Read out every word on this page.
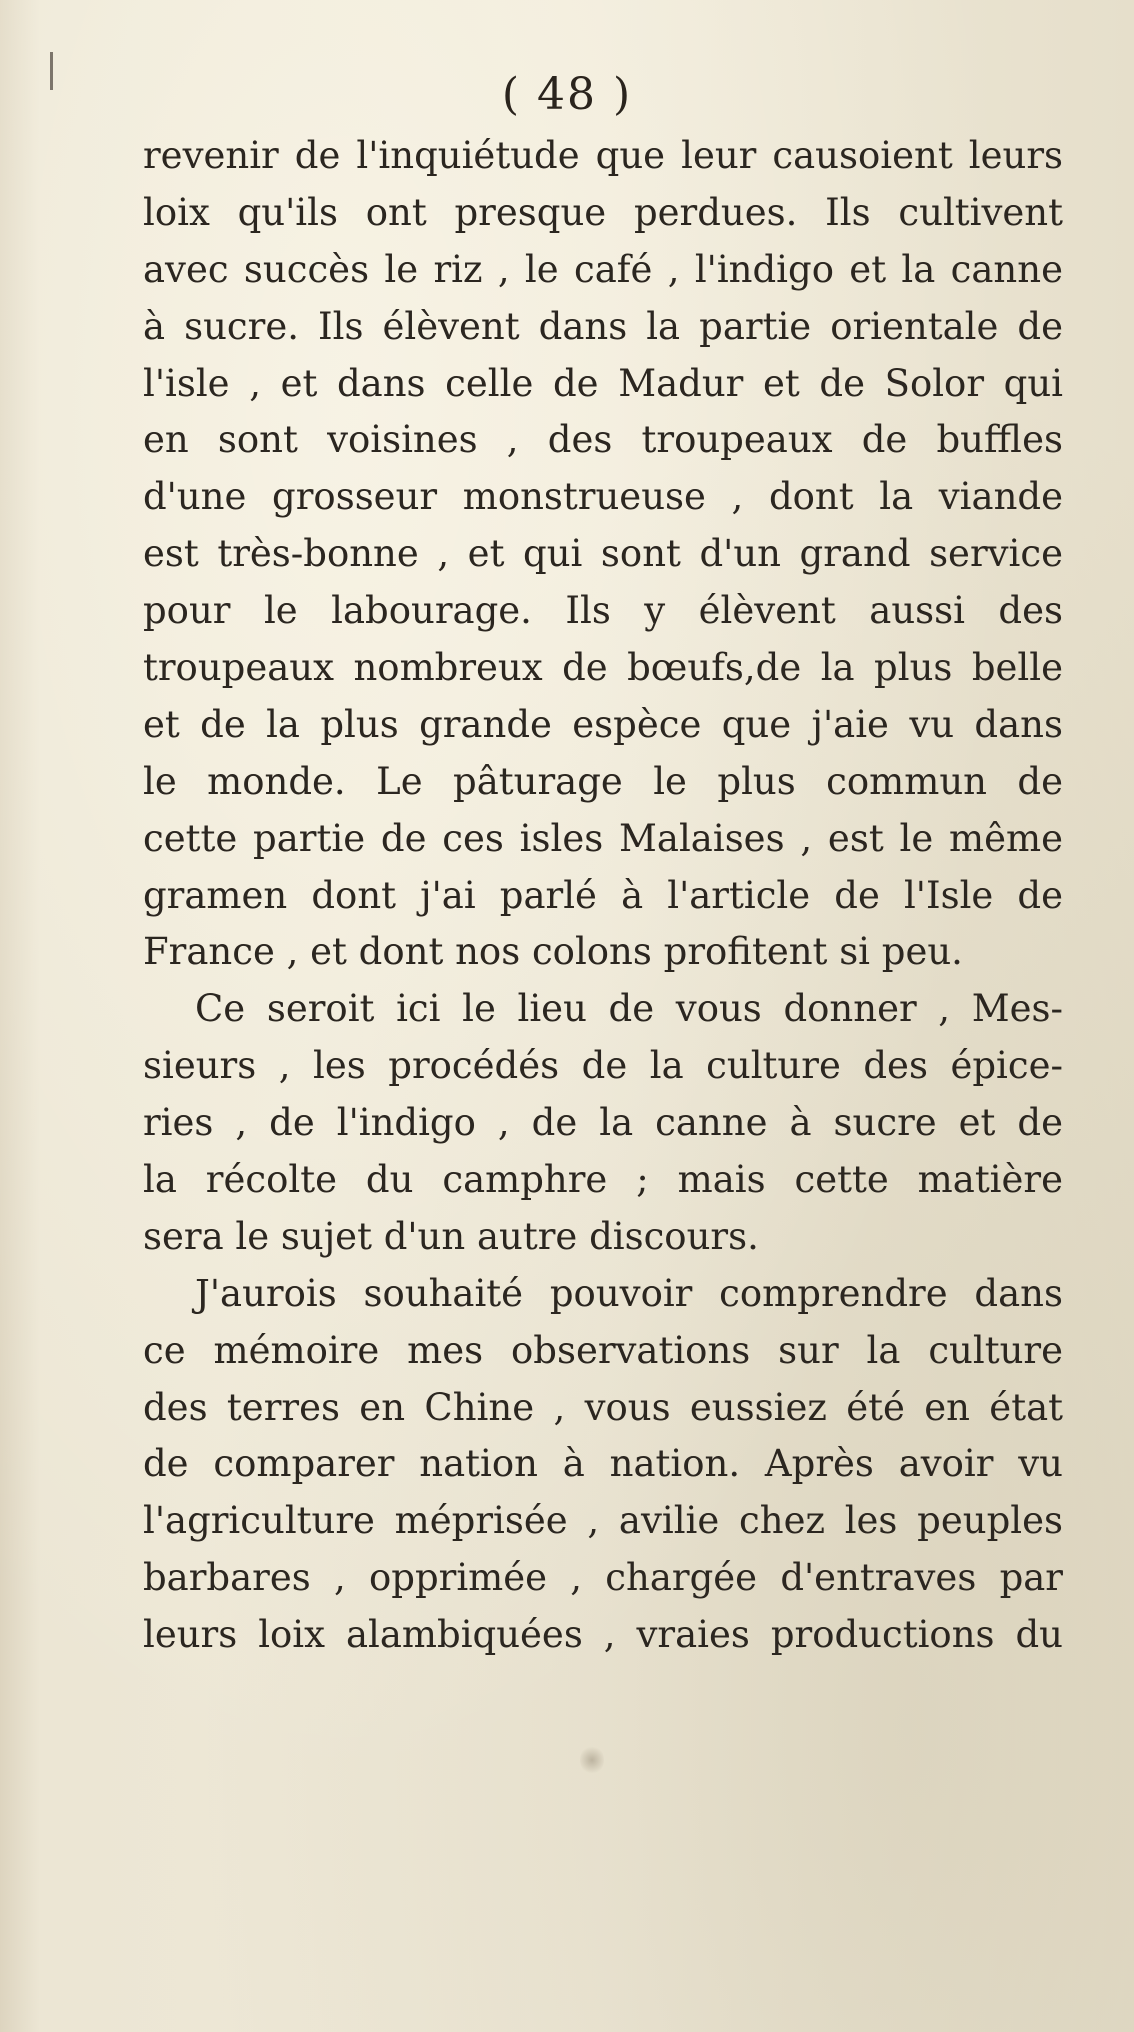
( 48 )
revenir de l'inquiétude que leur causoient leurs
loix qu'ils ont presque perdues. Ils cultivent
avec succès le riz , le café , l'indigo et la canne
à sucre. Ils élèvent dans la partie orientale de
l'isle , et dans celle de Madur et de Solor qui
en sont voisines , des troupeaux de buffles
d'une grosseur monstrueuse , dont la viande
est très-bonne , et qui sont d'un grand service
pour le labourage. Ils y élèvent aussi des
troupeaux nombreux de bœufs,de la plus belle
et de la plus grande espèce que j'aie vu dans
le monde. Le pâturage le plus commun de
cette partie de ces isles Malaises , est le même
gramen dont j'ai parlé à l'article de l'Isle de
France , et dont nos colons profitent si peu.
Ce seroit ici le lieu de vous donner , Mes-
sieurs , les procédés de la culture des épice-
ries , de l'indigo , de la canne à sucre et de
la récolte du camphre ; mais cette matière
sera le sujet d'un autre discours.
J'aurois souhaité pouvoir comprendre dans
ce mémoire mes observations sur la culture
des terres en Chine , vous eussiez été en état
de comparer nation à nation. Après avoir vu
l'agriculture méprisée , avilie chez les peuples
barbares , opprimée , chargée d'entraves par
leurs loix alambiquées , vraies productions du
